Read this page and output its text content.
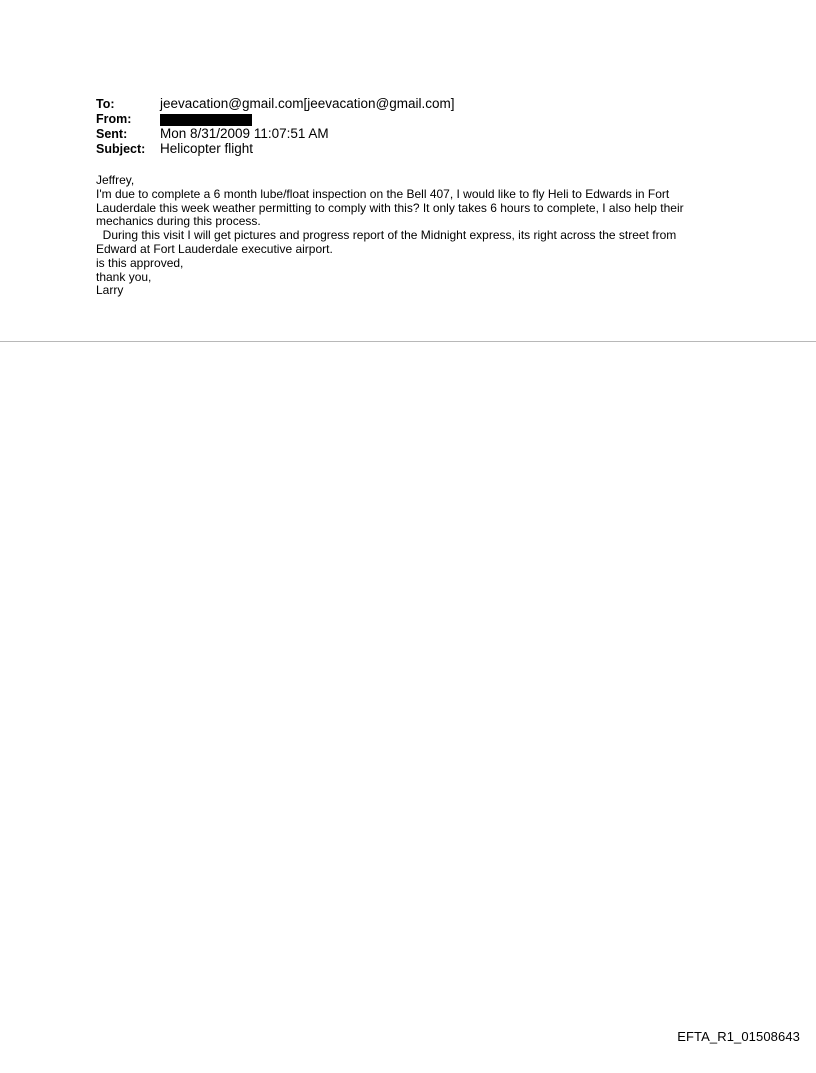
To:	jeevacation@gmail.com[jeevacation@gmail.com]
From:
Sent:	Mon 8/31/2009 11:07:51 AM
Subject:	Helicopter flight

Jeffrey,

I'm due to complete a 6 month lube/float inspection on the Bell 407, I would like to fly Heli to Edwards in Fort

Lauderdale this week weather permitting to comply with this? It only takes 6 hours to complete, I also help their

mechanics during this process.

During this visit I will get pictures and progress report of the Midnight express, its right across the street from

Edward at Fort Lauderdale executive airport.

is this approved,

thank you,

Larry

EFTA_R1_01508643
